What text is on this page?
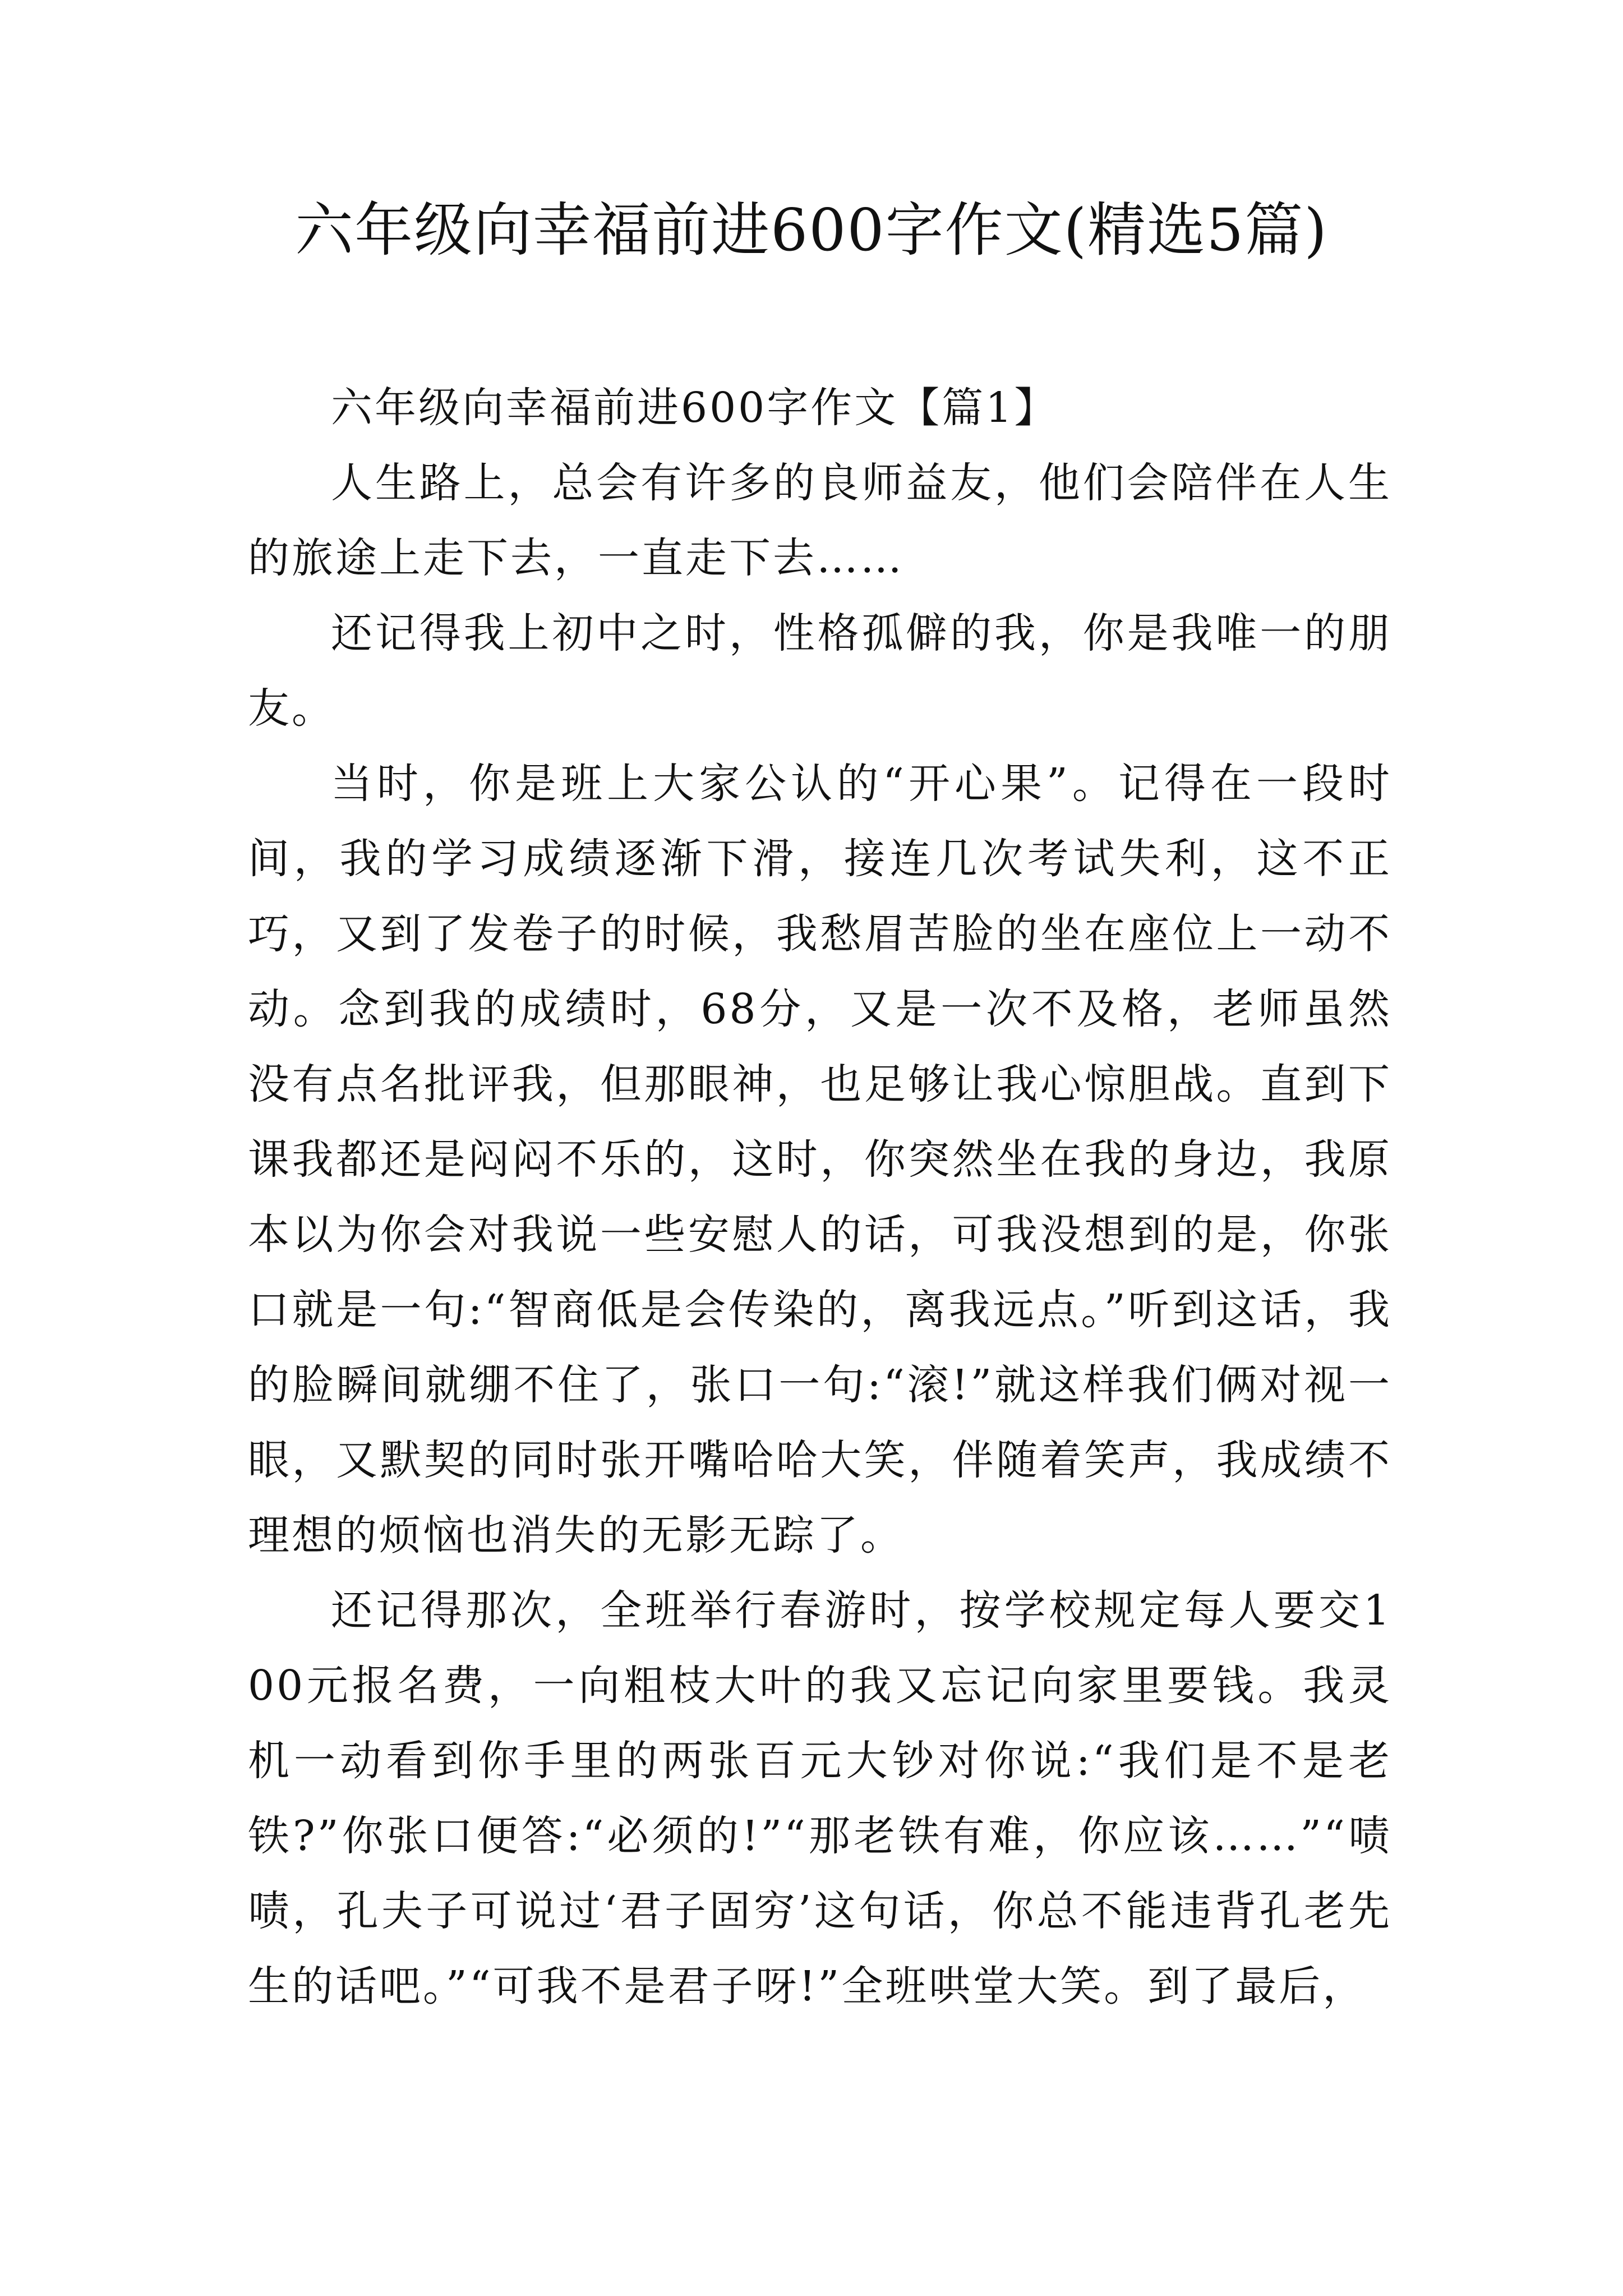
六年级向幸福前进600字作文(精选5篇)

六年级向幸福前进600字作文【篇1】

人生路上，总会有许多的良师益友，他们会陪伴在人生的旅途上走下去，一直走下去……

还记得我上初中之时，性格孤僻的我，你是我唯一的朋友。

当时，你是班上大家公认的“开心果”。记得在一段时间，我的学习成绩逐渐下滑，接连几次考试失利，这不正巧，又到了发卷子的时候，我愁眉苦脸的坐在座位上一动不动。念到我的成绩时，68分，又是一次不及格，老师虽然没有点名批评我，但那眼神，也足够让我心惊胆战。直到下课我都还是闷闷不乐的，这时，你突然坐在我的身边，我原本以为你会对我说一些安慰人的话，可我没想到的是，你张口就是一句:“智商低是会传染的，离我远点。”听到这话，我的脸瞬间就绷不住了，张口一句:“滚!”就这样我们俩对视一眼，又默契的同时张开嘴哈哈大笑，伴随着笑声，我成绩不理想的烦恼也消失的无影无踪了。

还记得那次，全班举行春游时，按学校规定每人要交100元报名费，一向粗枝大叶的我又忘记向家里要钱。我灵机一动看到你手里的两张百元大钞对你说:“我们是不是老铁?”你张口便答:“必须的!”“那老铁有难，你应该……”“啧啧，孔夫子可说过‘君子固穷’这句话，你总不能违背孔老先生的话吧。”“可我不是君子呀!”全班哄堂大笑。到了最后，
